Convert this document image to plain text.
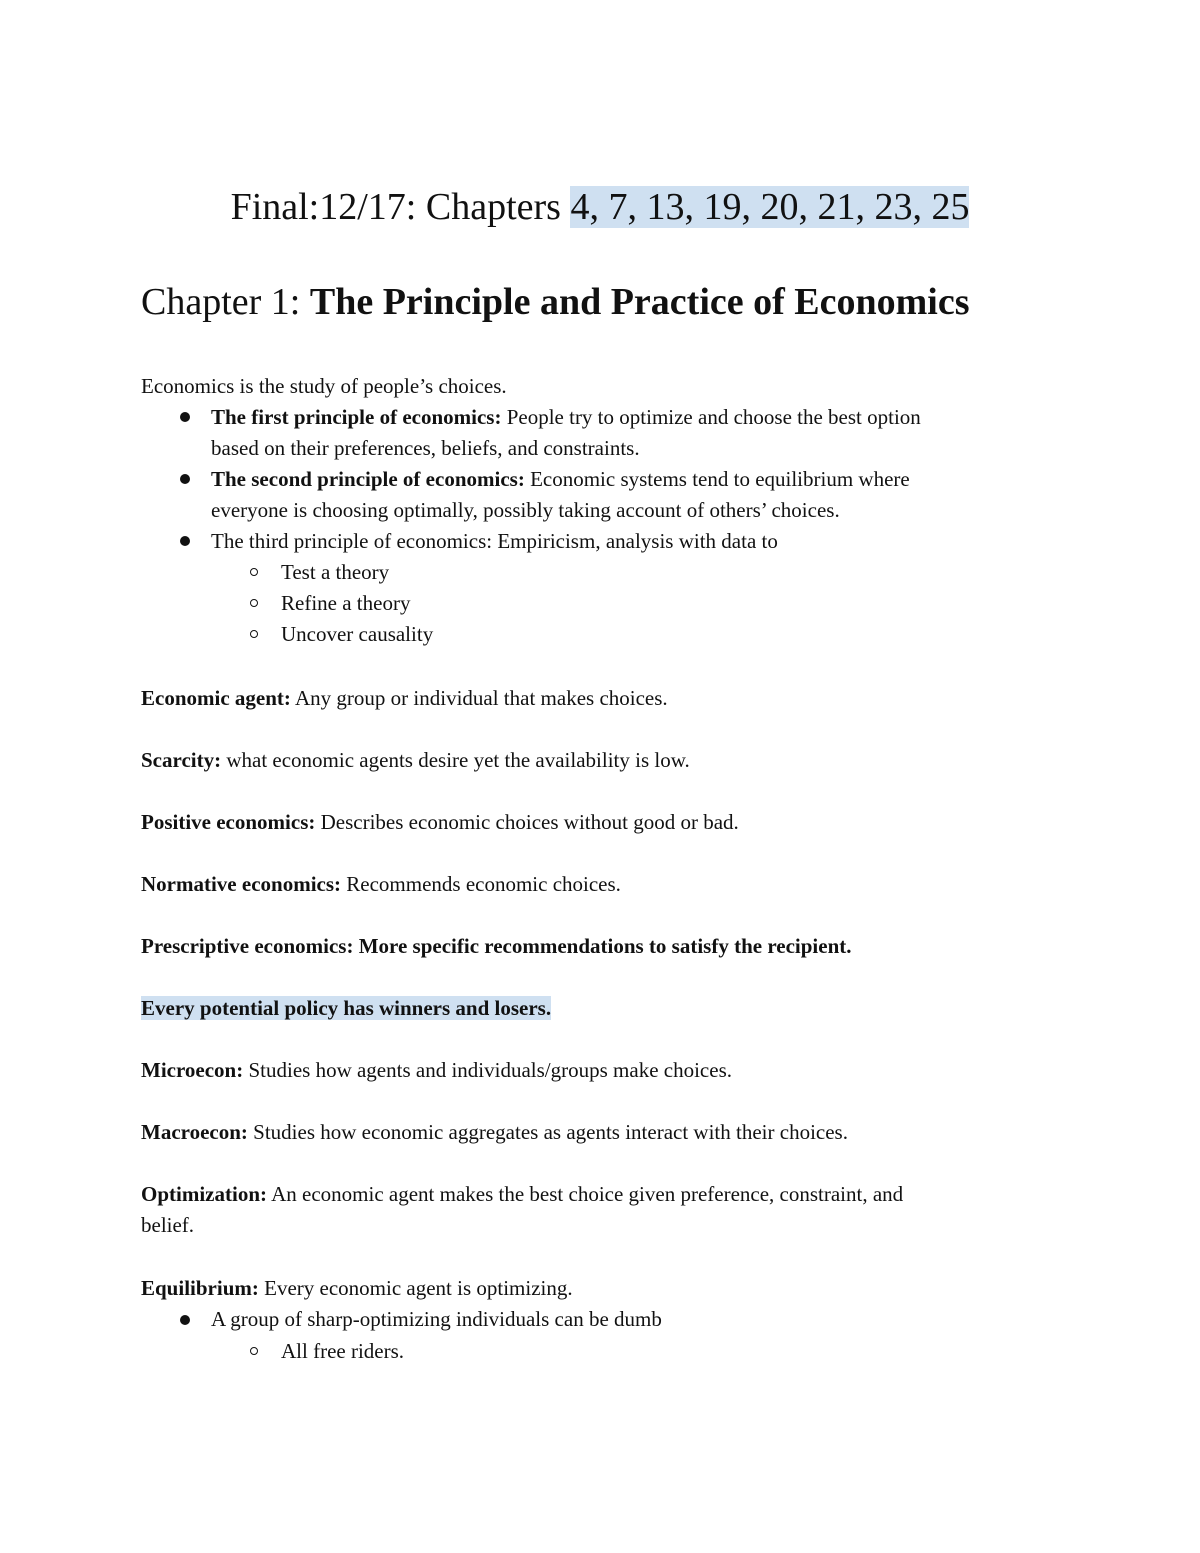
Final:12/17: Chapters 4, 7, 13, 19, 20, 21, 23, 25
Chapter 1: The Principle and Practice of Economics
Economics is the study of people’s choices.
The first principle of economics: People try to optimize and choose the best option
based on their preferences, beliefs, and constraints.
The second principle of economics: Economic systems tend to equilibrium where
everyone is choosing optimally, possibly taking account of others’ choices.
The third principle of economics: Empiricism, analysis with data to
Test a theory
Refine a theory
Uncover causality
Economic agent: Any group or individual that makes choices.
Scarcity: what economic agents desire yet the availability is low.
Positive economics: Describes economic choices without good or bad.
Normative economics: Recommends economic choices.
Prescriptive economics: More specific recommendations to satisfy the recipient.
Every potential policy has winners and losers.
Microecon: Studies how agents and individuals/groups make choices.
Macroecon: Studies how economic aggregates as agents interact with their choices.
Optimization: An economic agent makes the best choice given preference, constraint, and
belief.
Equilibrium: Every economic agent is optimizing.
A group of sharp-optimizing individuals can be dumb
All free riders.
